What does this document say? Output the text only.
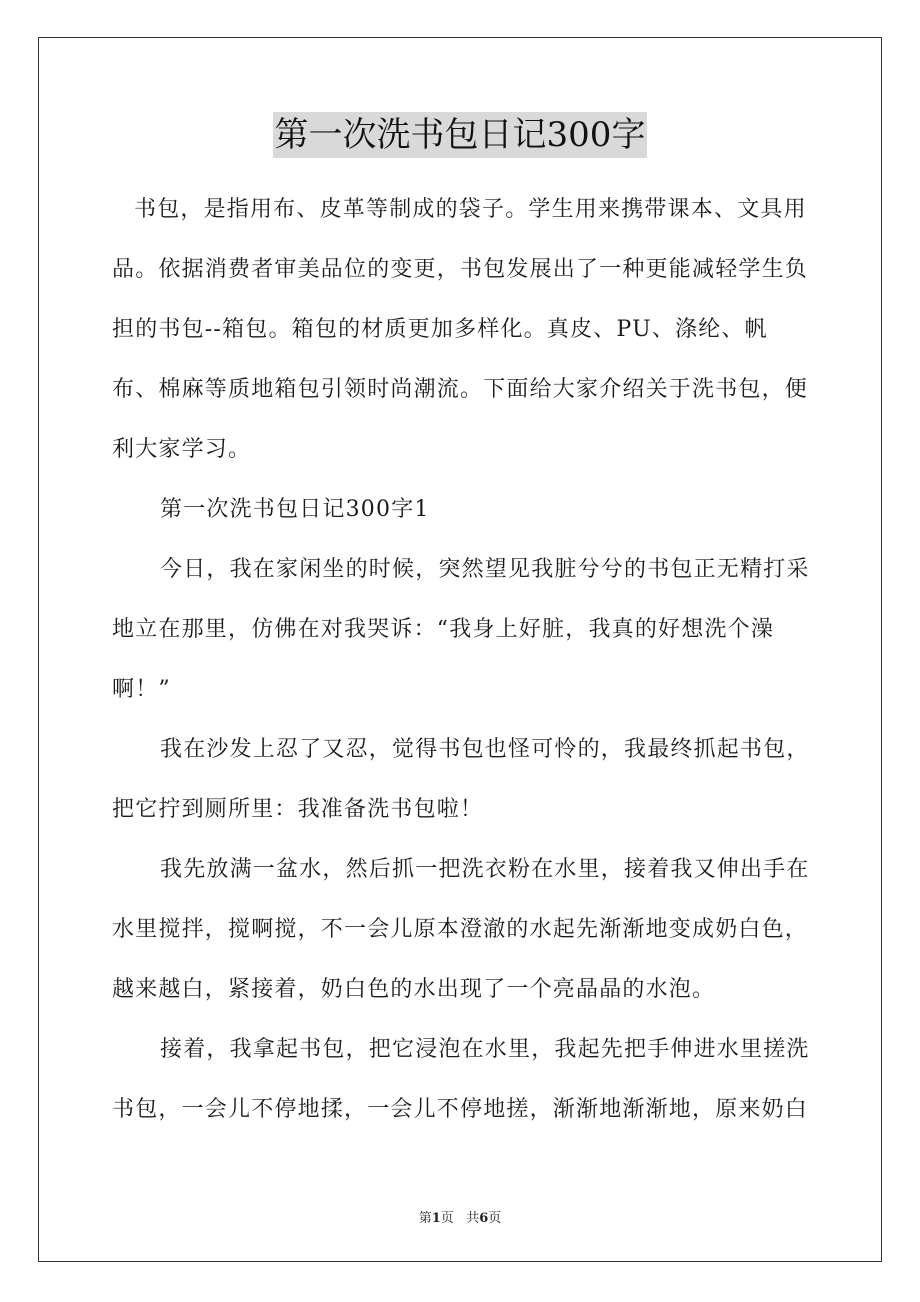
第一次洗书包日记300字

书包，是指用布、皮革等制成的袋子。学生用来携带课本、文具用品。依据消费者审美品位的变更，书包发展出了一种更能减轻学生负担的书包--箱包。箱包的材质更加多样化。真皮、PU、涤纶、帆布、棉麻等质地箱包引领时尚潮流。下面给大家介绍关于洗书包，便利大家学习。

第一次洗书包日记300字1

今日，我在家闲坐的时候，突然望见我脏兮兮的书包正无精打采地立在那里，仿佛在对我哭诉：“我身上好脏，我真的好想洗个澡啊！”

我在沙发上忍了又忍，觉得书包也怪可怜的，我最终抓起书包，把它拧到厕所里：我准备洗书包啦！

我先放满一盆水，然后抓一把洗衣粉在水里，接着我又伸出手在水里搅拌，搅啊搅，不一会儿原本澄澈的水起先渐渐地变成奶白色，越来越白，紧接着，奶白色的水出现了一个亮晶晶的水泡。

接着，我拿起书包，把它浸泡在水里，我起先把手伸进水里搓洗书包，一会儿不停地揉，一会儿不停地搓，渐渐地渐渐地，原来奶白

第1页 共6页
